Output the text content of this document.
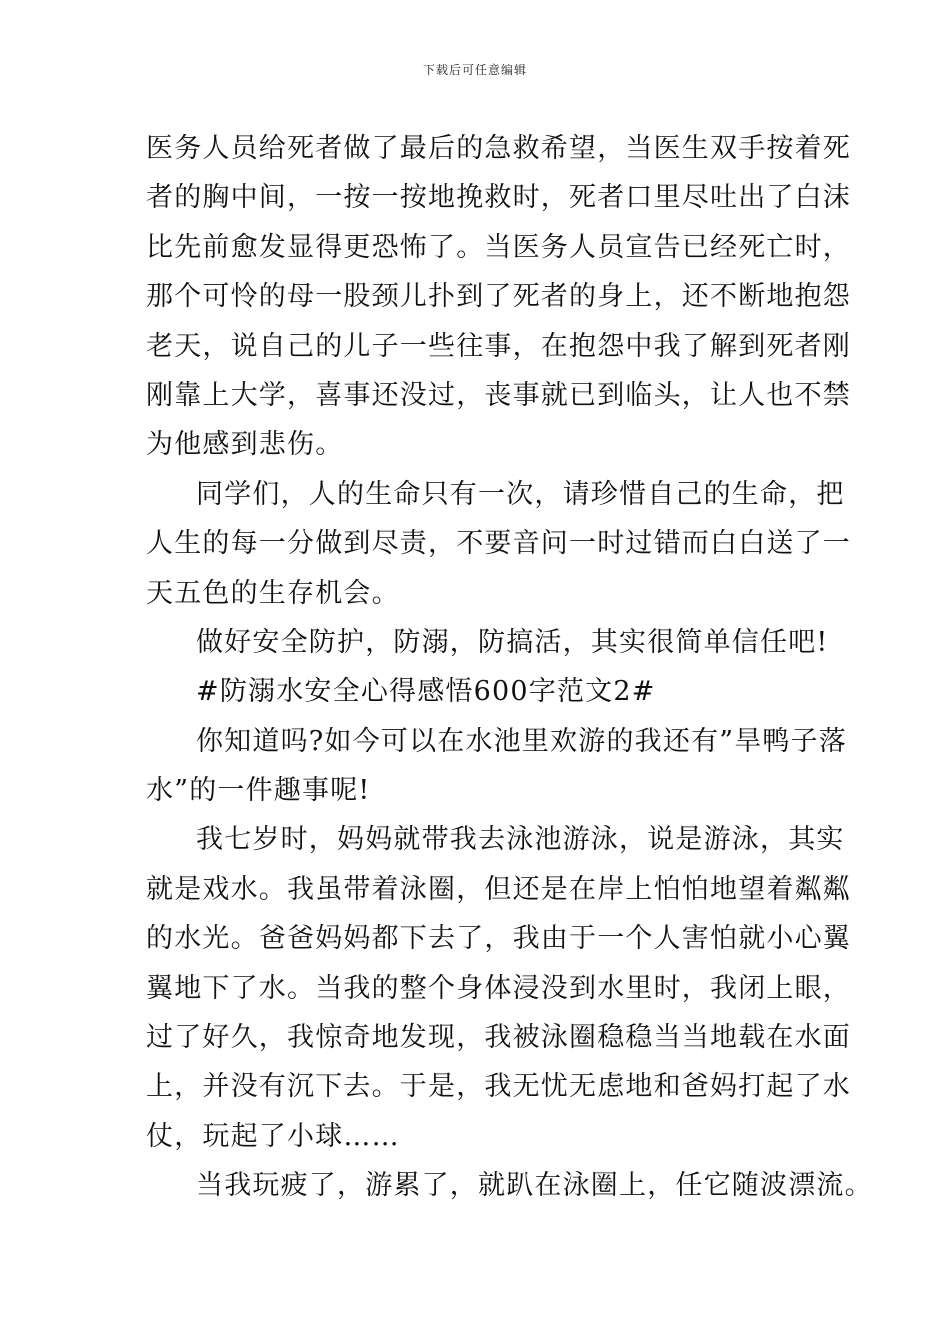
下载后可任意编辑
医务人员给死者做了最后的急救希望，当医生双手按着死
者的胸中间，一按一按地挽救时，死者口里尽吐出了白沫
比先前愈发显得更恐怖了。当医务人员宣告已经死亡时，
那个可怜的母一股颈儿扑到了死者的身上，还不断地抱怨
老天，说自己的儿子一些往事，在抱怨中我了解到死者刚
刚靠上大学，喜事还没过，丧事就已到临头，让人也不禁
为他感到悲伤。
同学们，人的生命只有一次，请珍惜自己的生命，把
人生的每一分做到尽责，不要音问一时过错而白白送了一
天五色的生存机会。
做好安全防护，防溺，防搞活，其实很简单信任吧!
#防溺水安全心得感悟600字范文2#
你知道吗?如今可以在水池里欢游的我还有”旱鸭子落
水”的一件趣事呢!
我七岁时，妈妈就带我去泳池游泳，说是游泳，其实
就是戏水。我虽带着泳圈，但还是在岸上怕怕地望着粼粼
的水光。爸爸妈妈都下去了，我由于一个人害怕就小心翼
翼地下了水。当我的整个身体浸没到水里时，我闭上眼，
过了好久，我惊奇地发现，我被泳圈稳稳当当地载在水面
上，并没有沉下去。于是，我无忧无虑地和爸妈打起了水
仗，玩起了小球……
当我玩疲了，游累了，就趴在泳圈上，任它随波漂流。
